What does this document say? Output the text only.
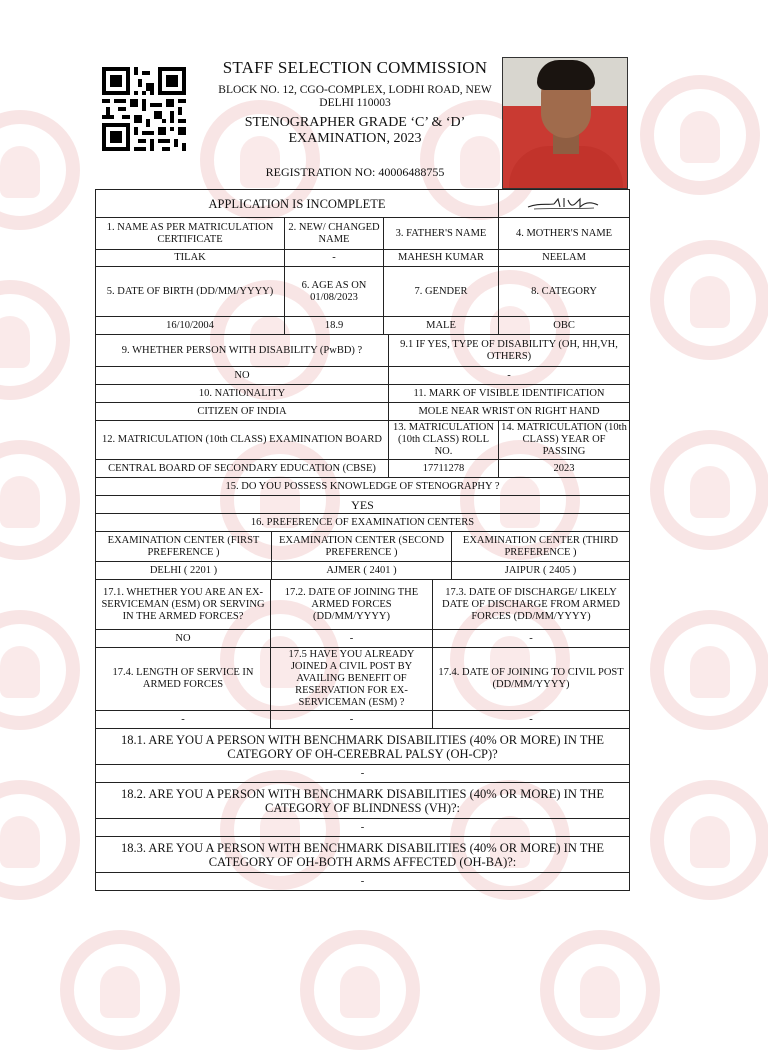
STAFF SELECTION COMMISSION
BLOCK NO. 12, CGO-COMPLEX, LODHI ROAD, NEW DELHI 110003
STENOGRAPHER GRADE ‘C’ & ‘D’ EXAMINATION, 2023
REGISTRATION NO: 40006488755
APPLICATION IS INCOMPLETE	

1. NAME AS PER MATRICULATION CERTIFICATE	2. NEW/ CHANGED NAME	3. FATHER'S NAME	4. MOTHER'S NAME
TILAK	-	MAHESH KUMAR	NEELAM
5. DATE OF BIRTH (DD/MM/YYYY)	6. AGE AS ON 01/08/2023	7. GENDER	8. CATEGORY
16/10/2004	18.9	MALE	OBC
9. WHETHER PERSON WITH DISABILITY (PwBD) ?	9.1 IF YES, TYPE OF DISABILITY (OH, HH,VH, OTHERS)
NO	-
10. NATIONALITY	11. MARK OF VISIBLE IDENTIFICATION
CITIZEN OF INDIA	MOLE NEAR WRIST ON RIGHT HAND
12. MATRICULATION (10th CLASS) EXAMINATION BOARD	13. MATRICULATION (10th CLASS) ROLL NO.	14. MATRICULATION (10th CLASS) YEAR OF PASSING
CENTRAL BOARD OF SECONDARY EDUCATION (CBSE)	17711278	2023
15. DO YOU POSSESS KNOWLEDGE OF STENOGRAPHY ?
YES
16. PREFERENCE OF EXAMINATION CENTERS
EXAMINATION CENTER (FIRST PREFERENCE )	EXAMINATION CENTER (SECOND PREFERENCE )	EXAMINATION CENTER (THIRD PREFERENCE )
DELHI ( 2201 )	AJMER ( 2401 )	JAIPUR ( 2405 )
17.1. WHETHER YOU ARE AN EX-SERVICEMAN (ESM) OR SERVING IN THE ARMED FORCES?	17.2. DATE OF JOINING THE ARMED FORCES (DD/MM/YYYY)	17.3. DATE OF DISCHARGE/ LIKELY DATE OF DISCHARGE FROM ARMED FORCES (DD/MM/YYYY)
NO	-	-
17.4. LENGTH OF SERVICE IN ARMED FORCES	17.5 HAVE YOU ALREADY JOINED A CIVIL POST BY AVAILING BENEFIT OF RESERVATION FOR EX-SERVICEMAN (ESM) ?	17.4. DATE OF JOINING TO CIVIL POST (DD/MM/YYYY)
-	-	-
18.1. ARE YOU A PERSON WITH BENCHMARK DISABILITIES (40% OR MORE) IN THE CATEGORY OF OH-CEREBRAL PALSY (OH-CP)?
-
18.2. ARE YOU A PERSON WITH BENCHMARK DISABILITIES (40% OR MORE) IN THE CATEGORY OF BLINDNESS (VH)?:
-
18.3. ARE YOU A PERSON WITH BENCHMARK DISABILITIES (40% OR MORE) IN THE CATEGORY OF OH-BOTH ARMS AFFECTED (OH-BA)?:
-
